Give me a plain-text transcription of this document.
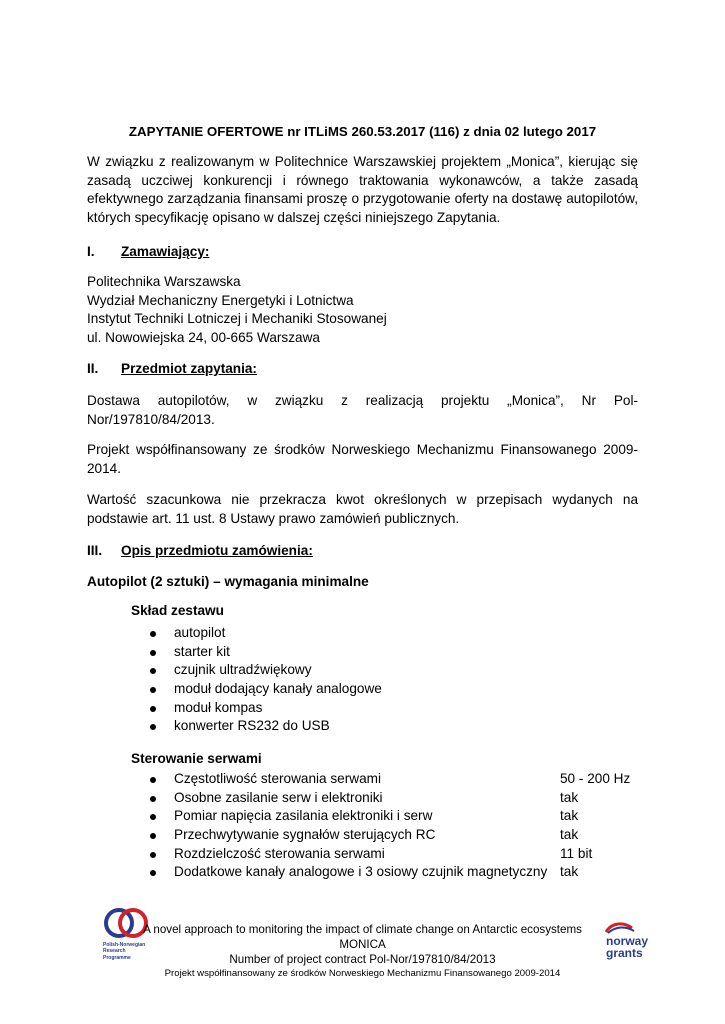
ZAPYTANIE OFERTOWE nr ITLiMS 260.53.2017 (116) z dnia 02 lutego 2017
W związku z realizowanym w Politechnice Warszawskiej projektem „Monica”, kierując się zasadą uczciwej konkurencji i równego traktowania wykonawców, a także zasadą efektywnego zarządzania finansami proszę o przygotowanie oferty na dostawę autopilotów, których specyfikację opisano w dalszej części niniejszego Zapytania.
I. Zamawiający:
Politechnika Warszawska
Wydział Mechaniczny Energetyki i Lotnictwa
Instytut Techniki Lotniczej i Mechaniki Stosowanej
ul. Nowowiejska 24, 00-665 Warszawa
II. Przedmiot zapytania:
Dostawa autopilotów, w związku z realizacją projektu „Monica”, Nr Pol-Nor/197810/84/2013.
Projekt współfinansowany ze środków Norweskiego Mechanizmu Finansowanego 2009-2014.
Wartość szacunkowa nie przekracza kwot określonych w przepisach wydanych na podstawie art. 11 ust. 8 Ustawy prawo zamówień publicznych.
III. Opis przedmiotu zamówienia:
Autopilot (2 sztuki) – wymagania minimalne
Skład zestawu
autopilot
starter kit
czujnik ultradźwiękowy
moduł dodający kanały analogowe
moduł kompas
konwerter RS232 do USB
Sterowanie serwami
Częstotliwość sterowania serwami	50 - 200 Hz
Osobne zasilanie serw i elektroniki	tak
Pomiar napięcia zasilania elektroniki i serw	tak
Przechwytywanie sygnałów sterujących RC	tak
Rozdzielczość sterowania serwami	11 bit
Dodatkowe kanały analogowe i 3 osiowy czujnik magnetyczny tak
Polish-Norwegian
Research
Programme
norway
grants
A novel approach to monitoring the impact of climate change on Antarctic ecosystems
MONICA
Number of project contract Pol-Nor/197810/84/2013
Projekt współfinansowany ze środków Norweskiego Mechanizmu Finansowanego 2009-2014
